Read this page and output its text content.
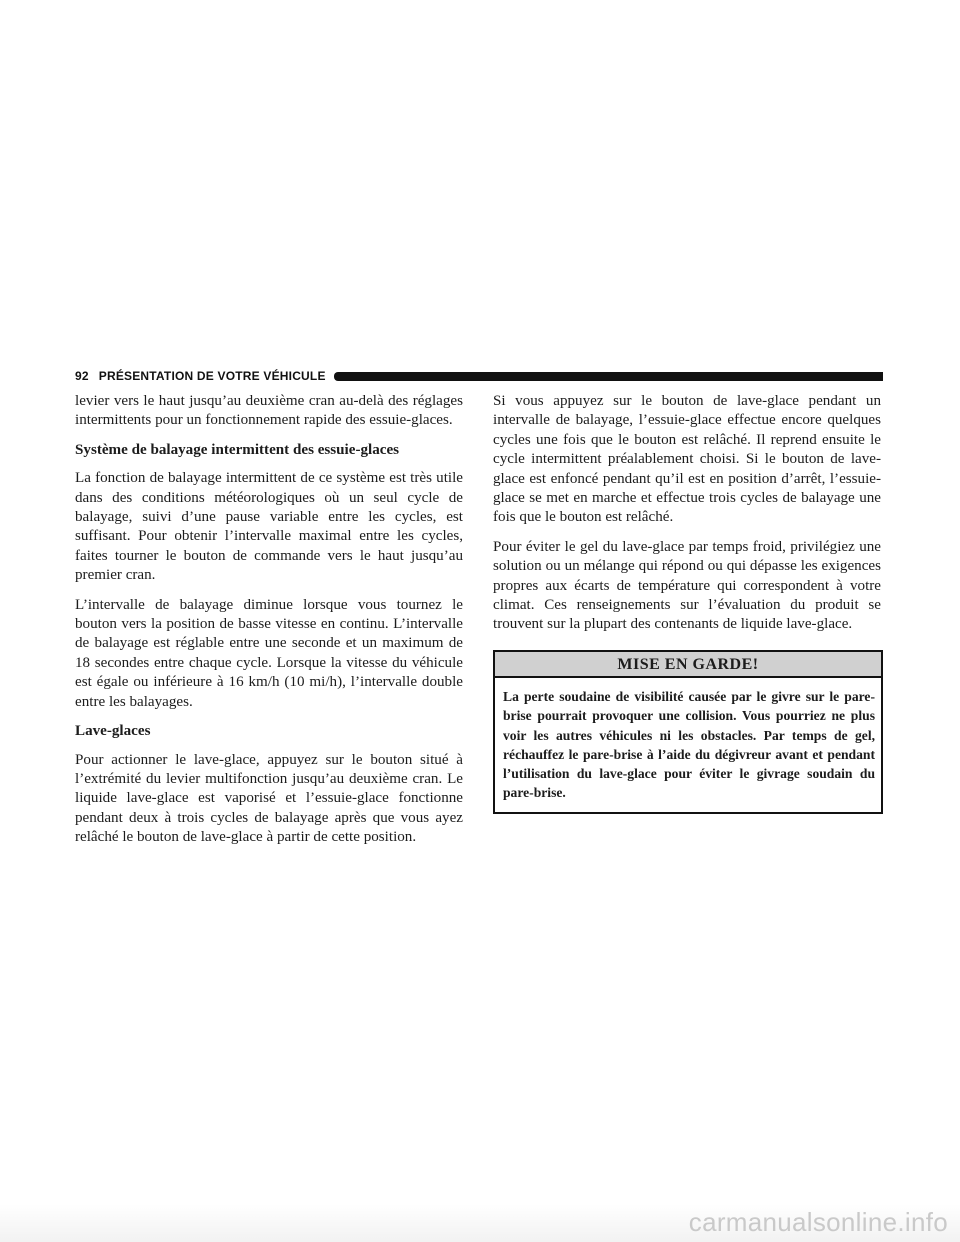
92 PRÉSENTATION DE VOTRE VÉHICULE

levier vers le haut jusqu’au deuxième cran au-delà des réglages intermittents pour un fonctionnement rapide des essuie-glaces.

Système de balayage intermittent des essuie-glaces

La fonction de balayage intermittent de ce système est très utile dans des conditions météorologiques où un seul cycle de balayage, suivi d’une pause variable entre les cycles, est suffisant. Pour obtenir l’intervalle maximal entre les cycles, faites tourner le bouton de commande vers le haut jusqu’au premier cran.

L’intervalle de balayage diminue lorsque vous tournez le bouton vers la position de basse vitesse en continu. L’intervalle de balayage est réglable entre une seconde et un maximum de 18 secondes entre chaque cycle. Lorsque la vitesse du véhicule est égale ou inférieure à 16 km/h (10 mi/h), l’intervalle double entre les balayages.

Lave-glaces

Pour actionner le lave-glace, appuyez sur le bouton situé à l’extrémité du levier multifonction jusqu’au deuxième cran. Le liquide lave-glace est vaporisé et l’essuie-glace fonctionne pendant deux à trois cycles de balayage après que vous ayez relâché le bouton de lave-glace à partir de cette position.

Si vous appuyez sur le bouton de lave-glace pendant un intervalle de balayage, l’essuie-glace effectue encore quelques cycles une fois que le bouton est relâché. Il reprend ensuite le cycle intermittent préalablement choisi. Si le bouton de lave-glace est enfoncé pendant qu’il est en position d’arrêt, l’essuie-glace se met en marche et effectue trois cycles de balayage une fois que le bouton est relâché.

Pour éviter le gel du lave-glace par temps froid, privilégiez une solution ou un mélange qui répond ou qui dépasse les exigences propres aux écarts de température qui correspondent à votre climat. Ces renseignements sur l’évaluation du produit se trouvent sur la plupart des contenants de liquide lave-glace.

MISE EN GARDE!
La perte soudaine de visibilité causée par le givre sur le pare-brise pourrait provoquer une collision. Vous pourriez ne plus voir les autres véhicules ni les obstacles. Par temps de gel, réchauffez le pare-brise à l’aide du dégivreur avant et pendant l’utilisation du lave-glace pour éviter le givrage soudain du pare-brise.
carmanualsonline.info
